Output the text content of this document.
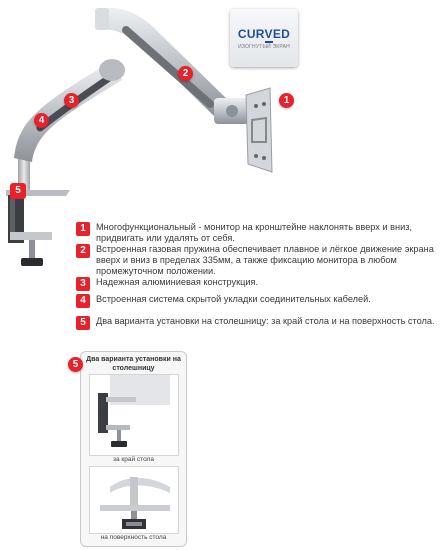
CURVED
ИЗОГНУТЫЙ ЭКРАН
1
2
3
4
5
1	Многофункциональный - монитор на кронштейне наклонять вверх и вниз, придвигать или удалять от себя.
2	Встроенная газовая пружина обеспечивает плавное и лёгкое движение экрана вверх и вниз в пределах 335мм, а также фиксацию монитора в любом промежуточном положении.
3	Надежная алюминиевая конструкция.
4	Встроенная система скрытой укладки соединительных кабелей.
5	Два варианта установки на столешницу: за край стола и на поверхность стола.
Два варианта установки на столешницу
за край стола
на поверхность стола
5
